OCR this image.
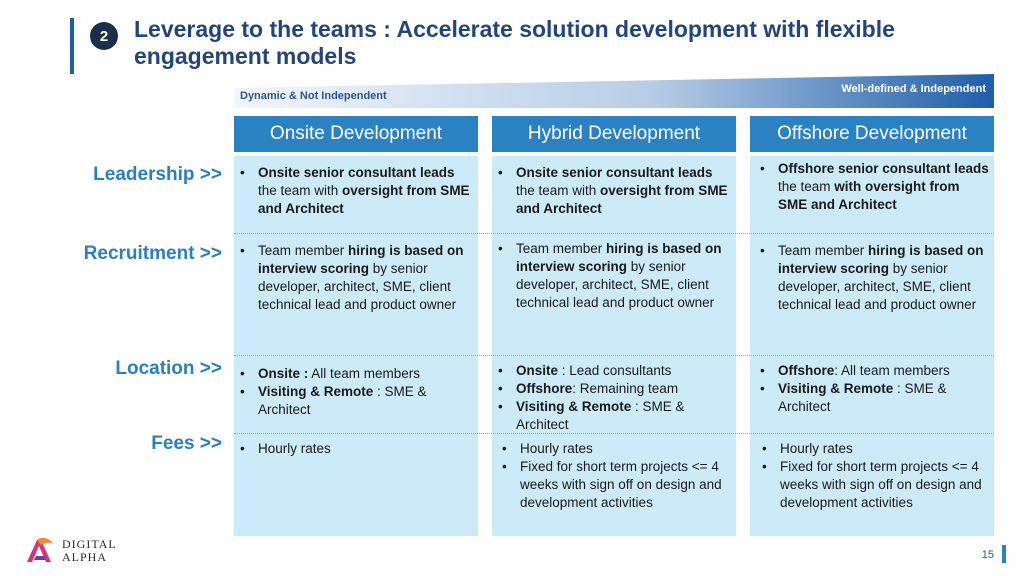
2	Leverage to the teams : Accelerate solution development with flexible engagement models
Dynamic & Not Independent
Well-defined & Independent
Onsite Development	Hybrid Development	Offshore Development
Leadership >>
Recruitment >>
Location >>
Fees >>
• Onsite senior consultant leads the team with oversight from SME and Architect
• Onsite senior consultant leads the team with oversight from SME and Architect
• Offshore senior consultant leads the team with oversight from SME and Architect
• Team member hiring is based on interview scoring by senior developer, architect, SME, client technical lead and product owner
• Team member hiring is based on interview scoring by senior developer, architect, SME, client technical lead and product owner
• Team member hiring is based on interview scoring by senior developer, architect, SME, client technical lead and product owner
• Onsite : All team members
• Visiting & Remote : SME & Architect
• Onsite : Lead consultants
• Offshore: Remaining team
• Visiting & Remote : SME & Architect
• Offshore: All team members
• Visiting & Remote : SME & Architect
• Hourly rates
•	Hourly rates
• Fixed for short term projects <= 4 weeks with sign off on design and development activities
• Hourly rates
• Fixed for short term projects <= 4 weeks with sign off on design and development activities
DIGITAL
ALPHA	15
